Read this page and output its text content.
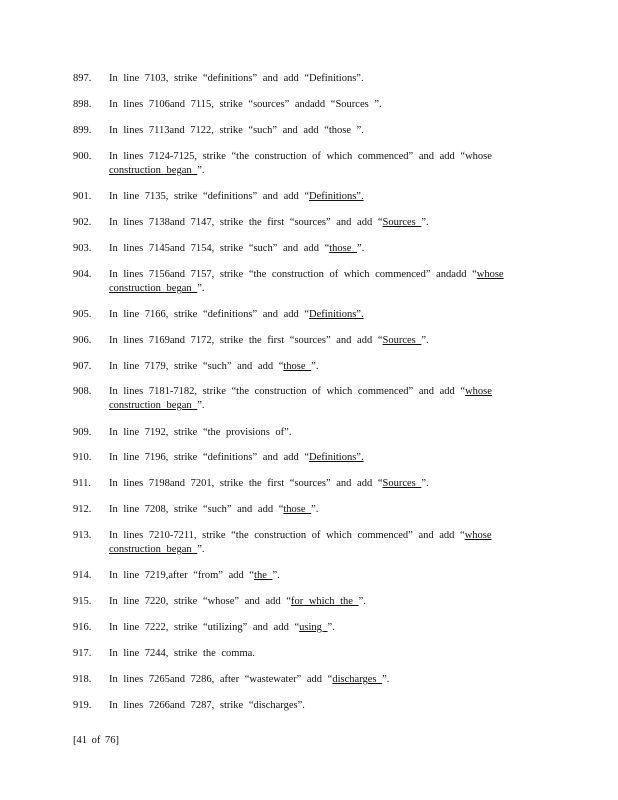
897. In line 7103, strike “definitions” and add “Definitions”.
898. In lines 7106and 7115, strike “sources” andadd “Sources ”.
899. In lines 7113and 7122, strike “such” and add “those ”.
900. In lines 7124-7125, strike “the construction of which commenced” and add “whose
construction began ”.
901. In line 7135, strike “definitions” and add “Definitions”.
902. In lines 7138and 7147, strike the first “sources” and add “Sources ”.
903. In lines 7145and 7154, strike “such” and add “those ”.
904. In lines 7156and 7157, strike “the construction of which commenced” andadd “whose
construction began ”.
905. In line 7166, strike “definitions” and add “Definitions”.
906. In lines 7169and 7172, strike the first “sources” and add “Sources ”.
907. In line 7179, strike “such” and add “those ”.
908. In lines 7181-7182, strike “the construction of which commenced” and add “whose
construction began ”.
909. In line 7192, strike “the provisions of”.
910. In line 7196, strike “definitions” and add “Definitions”.
911. In lines 7198and 7201, strike the first “sources” and add “Sources ”.
912. In line 7208, strike “such” and add “those ”.
913. In lines 7210-7211, strike “the construction of which commenced” and add “whose
construction began ”.
914. In line 7219,after “from” add “the ”.
915. In line 7220, strike “whose” and add “for which the ”.
916. In line 7222, strike “utilizing” and add “using ”.
917. In line 7244, strike the comma.
918. In lines 7265and 7286, after “wastewater” add “discharges ”.
919. In lines 7266and 7287, strike “discharges”.
[41 of 76]
